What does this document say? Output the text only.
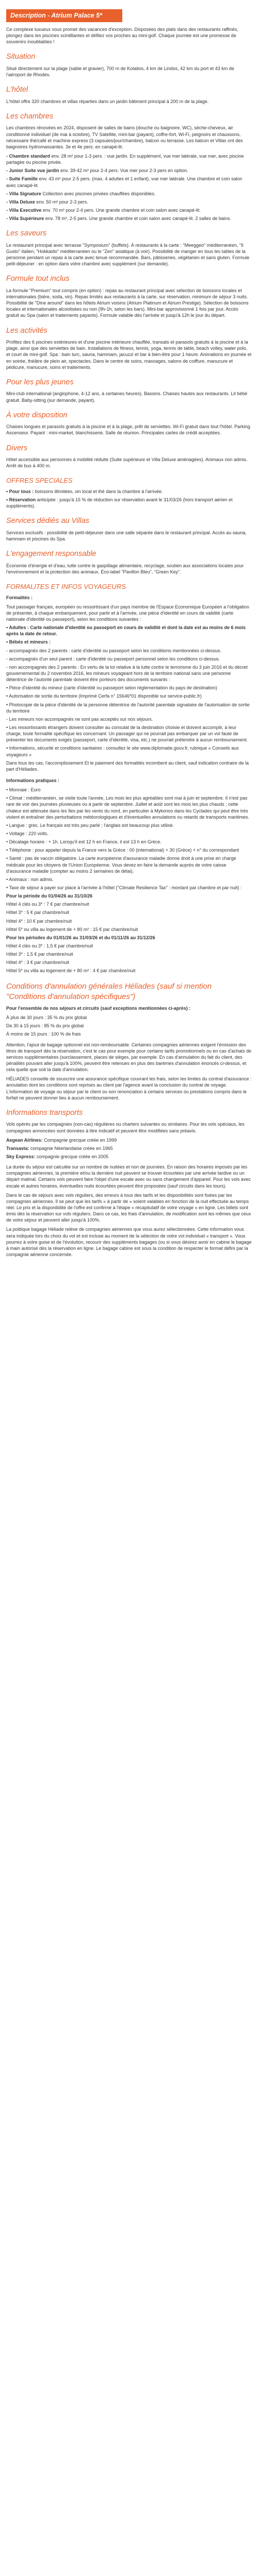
Description - Atrium Palace 5*

Ce complexe luxueux vous promet des vacances d'exception. Disposées des plats dans des restaurants raffinés, plongez dans les piscines scintillantes et défilez vos proches au mini-golf. Chaque journée est une promesse de souvenirs inoubliables !

Situation

Situé directement sur la plage (sable et gravier), 700 m de Kolaitos, 4 km de Lindos, 42 km du port et 43 km de l'aéroport de Rhodes.

L'hôtel

L'hôtel offre 320 chambres et villas réparties dans un jardin bâtiment principal à 200 m de la plage.

Les chambres

Les chambres rénovées en 2024, disposent de salles de bains (douche ou baignoire, WC), sèche-cheveux, air conditionné individuel (de mai à octobre), TV Satellite, mini-bar (payant), coffre-fort, Wi-Fi, peignoirs et chaussons, nécessaire thé/café et machine express (3 capsules/jour/chambre), balcon ou terrasse. Les balcon et Villas ont des baignoires hydromassantes. 3e et 4e pers. en canapé-lit.

- Chambre standard env. 28 m² pour 1-3 pers. : vue jardin. En supplément, vue mer latérale, vue mer, avec piscine partagée ou piscine privée.

- Junior Suite vue jardin env. 39-42 m² pour 2-4 pers. Vue mer pour 2-3 pers en option.

- Suite Famille env. 43 m² pour 2-5 pers. (max. 4 adultes et 1 enfant), vue mer latérale. Une chambre et coin salon avec canapé-lit.

- Villa Signature Collection avec piscines privées chauffées disponibles.

- Villa Deluxe env. 50 m² pour 2-3 pers.

- Villa Executive env. 70 m² pour 2-4 pers. Une grande chambre et coin salon avec canapé-lit.

- Villa Supérieure env. 78 m², 2-5 pers. Une grande chambre et coin salon avec canapé-lit. 2 salles de bains.

Les saveurs

Le restaurant principal avec terrasse "Symposium" (buffets). À restaurants à la carte : "Meeggeo" méditerranéen, "Il Gusto" italien, "Hokkaido" méditerranéen ou le "Zen" asiatique (à voir). Possibilité de manger en tous les tables de la personne pendant un repas à la carte avec tenue recommandée. Bars, pâtisseries, végétarien et sans gluten. Formule petit-déjeuner : en option dans votre chambre avec supplément (sur demande).

Formule tout inclus

La formule "Premium" tout compris (en option) : repas au restaurant principal avec sélection de boissons locales et internationales (bière, soda, vin). Repas limités aux restaurants à la carte, sur réservation, minimum de séjour 3 nuits. Possibilité de "Dine around" dans les hôtels Atrium voisins (Atrium Platinum et Atrium Prestige). Sélection de boissons locales et internationales alcoolisées ou non (9h-1h, selon les bars). Mini-bar approvisionné 1 fois par jour. Accès gratuit au Spa (salon et traitements payants). Formule valable dès l'arrivée et jusqu'à 12h le jour du départ.

Les activités

Profitez des 6 piscines extérieures et d'une piscine intérieure chauffée, transats et parasols gratuits à la piscine et à la plage, ainsi que des serviettes de bain. Installations de fitness, tennis, yoga, tennis de table, beach volley, water polo, et court de mini-golf. Spa : bain turc, sauna, hammam, jacuzzi et bar à bien-être pour 1 heure. Animations en journée et en soirée, théâtre de plein air, spectacles. Dans le centre de soins, massages, salons de coiffure, manucure et pédicure, manucure, soins et traitements.

Pour les plus jeunes

Mini-club international (anglophone, 4-12 ans, à certaines heures). Bassins. Chaises hautes aux restaurants. Lit bébé gratuit. Baby-sitting (sur demande, payant).

À votre disposition

Chaises longues et parasols gratuits à la piscine et à la plage, prêt de serviettes. Wi-Fi gratuit dans tout l'hôtel. Parking. Ascenseur. Payant : mini-market, blanchisserie. Salle de réunion. Principales cartes de crédit acceptées.

Divers

Hôtel accessible aux personnes à mobilité réduite (Suite supérieure et Villa Deluxe aménagées). Animaux non admis. Arrêt de bus à 400 m.

OFFRES SPECIALES

• Pour tous : boissons illimitées, vin local et thé dans la chambre à l'arrivée.

• Réservation anticipée : jusqu'à 15 % de réduction sur réservation avant le 31/03/26 (hors transport aérien et suppléments).

Services dédiés au Villas

Services exclusifs : possibilité de petit-déjeuner dans une salle séparée dans le restaurant principal. Accès au sauna, hammam et piscines du Spa.

L'engagement responsable

Économie d'énergie et d'eau, tutte contre le gaspillage alimentaire, recyclage, soutien aux associations locales pour l'environnement et la protection des animaux. Éco-label "Pavillon Bleu", "Green Key".

FORMALITES ET INFOS VOYAGEURS

Formalités :

Tout passager français, européen ou ressortissant d'un pays membre de l'Espace Economique Européen a l'obligation de présenter, à chaque embarquement, pour partir et à l'arrivée, une pièce d'identité en cours de validité (carte nationale d'identité ou passeport), selon les conditions suivantes :

• Adultes : Carte nationale d'identité ou passeport en cours de validité et dont la date est au moins de 6 mois après la date de retour.

• Bébés et mineurs :

- accompagnés des 2 parents : carte d'identité ou passeport selon les conditions mentionnées ci-dessus.

- accompagnés d'un seul parent : carte d'identité ou passeport personnel selon les conditions ci-dessus.

- non accompagnés des 2 parents : En vertu de la loi relative à la lutte contre le terrorisme du 3 juin 2016 et du décret gouvernemental du 2 novembre 2016, les mineurs voyageant hors de la territoire national sans une personne détentrice de l'autorité parentale doivent être porteurs des documents suivants :

• Pièce d'identité du mineur (carte d'identité ou passeport selon réglementation du pays de destination)

• Autorisation de sortie du territoire (Imprimé Cerfa n° 15646*01 disponible sur service-public.fr)

• Photocopie de la pièce d'identité de la personne détentrice de l'autorité parentale signataire de l'autorisation de sortie du territoire

- Les mineurs non accompagnés ne sont pas acceptés sur nos séjours.

• Les ressortissants étrangers doivent consulter au consulat de la destination choisie et doivent accomplir, à leur charge, toute formalité spécifique les concernant. Un passager qui ne pourrait pas embarquer par un vol faute de présenter les documents exigés (passeport, carte d'identité, visa, etc.) ne pourrait prétendre à aucun remboursement.

• Informations, sécurité et conditions sanitaires : consultez le site www.diplomatie.gouv.fr, rubrique « Conseils aux voyageurs »

Dans tous les cas, l'accomplissement Et le paiement des formalités incombent au client, sauf indication contraire de la part d'Héliades.

Informations pratiques :

• Monnaie : Euro

• Climat : méditerranéen, se visite toute l'année, Les mois les plus agréables sont mai à juin et septembre. Il n'est pas rare de voir des journées pluvieuses ou à partir de septembre. Juillet et août sont les mois les plus chauds ; cette chaleur est atténuée dans les îles par les vents du nord, en particulier à Mykonos dans les Cyclades qui peut être très violent et entraîner des perturbations météorologiques et d'éventuelles annulations ou retards de transports maritimes.

• Langue : grec. Le français est très peu parlé ; l'anglais est beaucoup plus utilisé.

• Voltage : 220 volts.

• Décalage horaire : + 1h. Lorsqu'il est 12 h en France, il est 13 h en Grèce.

• Téléphone : pour appeler depuis la France vers la Grèce : 00 (international) + 30 (Grèce) + n° du correspondant

• Santé : pas de vaccin obligatoire. La carte européenne d'assurance maladie donne droit à une prise en charge médicale pour les citoyens de l'Union Européenne. Vous devez en faire la demande auprès de votre caisse d'assurance maladie (compter au moins 2 semaines de délai).

• Animaux : non admis.

• Taxe de séjour à payer sur place à l'arrivée à l'hôtel ("Climate Resilience Tax" : montant par chambre et par nuit) :

Pour la période du 01/04/26 au 31/10/26

Hôtel 4 clés ou 3* : 7 € par chambre/nuit

Hôtel 3* : 5 € par chambre/nuit

Hôtel 4* : 10 € par chambre/nuit

Hôtel 5* ou villa au logement de + 80 m² : 15 € par chambre/nuit

Pour les périodes du 01/01/26 au 31/03/26 et du 01/11/26 au 31/12/26

Hôtel 4 clés ou 3* : 1,5 € par chambre/nuit

Hôtel 3* : 1,5 € par chambre/nuit

Hôtel 4* : 3 € par chambre/nuit

Hôtel 5* ou villa au logement de + 80 m² : 4 € par chambre/nuit

Conditions d'annulation générales Héliades (sauf si mention "Conditions d'annulation spécifiques")

Pour l'ensemble de nos séjours et circuits (sauf exceptions mentionnées ci-après) :

À plus de 30 jours : 35 % du prix global

De 30 à 15 jours : 85 % du prix global

À moins de 15 jours : 100 % de frais

Attention, l'ajout de bagage optionnel est non-remboursable. Certaines compagnies aériennes exigent l'émission des titres de transport dès la réservation, c'est le cas pour exemple pour certains tarifs promotionnels ou en cas d'achats de services supplémentaires (surclassement, places de sièges, par exemple. En cas d'annulation du fait du client, des pénalités pouvant aller jusqu'à 100%, peuvent être retenues en plus des barèmes d'annulation énoncés ci-dessus, et cela quelle que soit la date d'annulation.

HÉLIADES conseille de souscrire une assurance spécifique couvrant les frais, selon les limites du contrat d'assurance : annulation dont les conditions sont reprises au client par l'agence avant la conclusion du contrat de voyage. L'information de voyage ou séjour par le client ou son renonciation à certains services ou prestations compris dans le forfait ne peuvent donner lieu à aucun remboursement.

Informations transports

Vols opérés par les compagnies (non-cas) régulières ou charters suivantes ou similaires. Pour les vols spéciaux, les compagnies annoncées sont données à titre indicatif et peuvent être modifiées sans préavis.

Aegean Airlines: Compagnie grecque créée en 1999

Transavia: compagnie Néerlandaise créée en 1965

Sky Express: compagnie grecque créée en 2005

La durée du séjour est calculée sur un nombre de nuitées et non de journées. En raison des horaires imposés par les compagnies aériennes, la première et/ou la dernière nuit peuvent se trouver écourtées par une arrivée tardive ou un départ matinal. Certains vols peuvent faire l'objet d'une escale avec ou sans changement d'appareil. Pour les vols avec escale et autres horaires, éventuelles nuits écourtées peuvent être proposées (sauf circuits dans les tours).

Dans le cas de séjours avec vols réguliers, des erreurs à tous des tarifs et les disponibilités sont fixées par les compagnies aériennes. Il se peut que les tarifs « à partir de » soient valables en fonction de la nuit effectuée au temps réel. Le prix et la disponibilité de l'offre est confirmé à l'étape « récapitulatif de votre voyage » en ligne. Les billets sont émis dès la réservation sur vols réguliers. Dans ce cas, les frais d'annulation, de modification sont les mêmes que ceux de votre séjour et peuvent aller jusqu'à 100%.

La politique bagage Héliade relève de compagnies aériennes que vous aurez sélectionnées. Cette information vous sera indiquée lors du choix du vol et est incluse au moment de la sélection de votre vol individuel « transport ». Vous pourrez à votre guise et de l'évolution, recourir des suppléments bagages (ou si vous désirez avoir en cabine le bagage à main autorisé dès la réservation en ligne. Le bagage cabine est sous la condition de respecter le format défini par la compagnie aérienne concernée.
